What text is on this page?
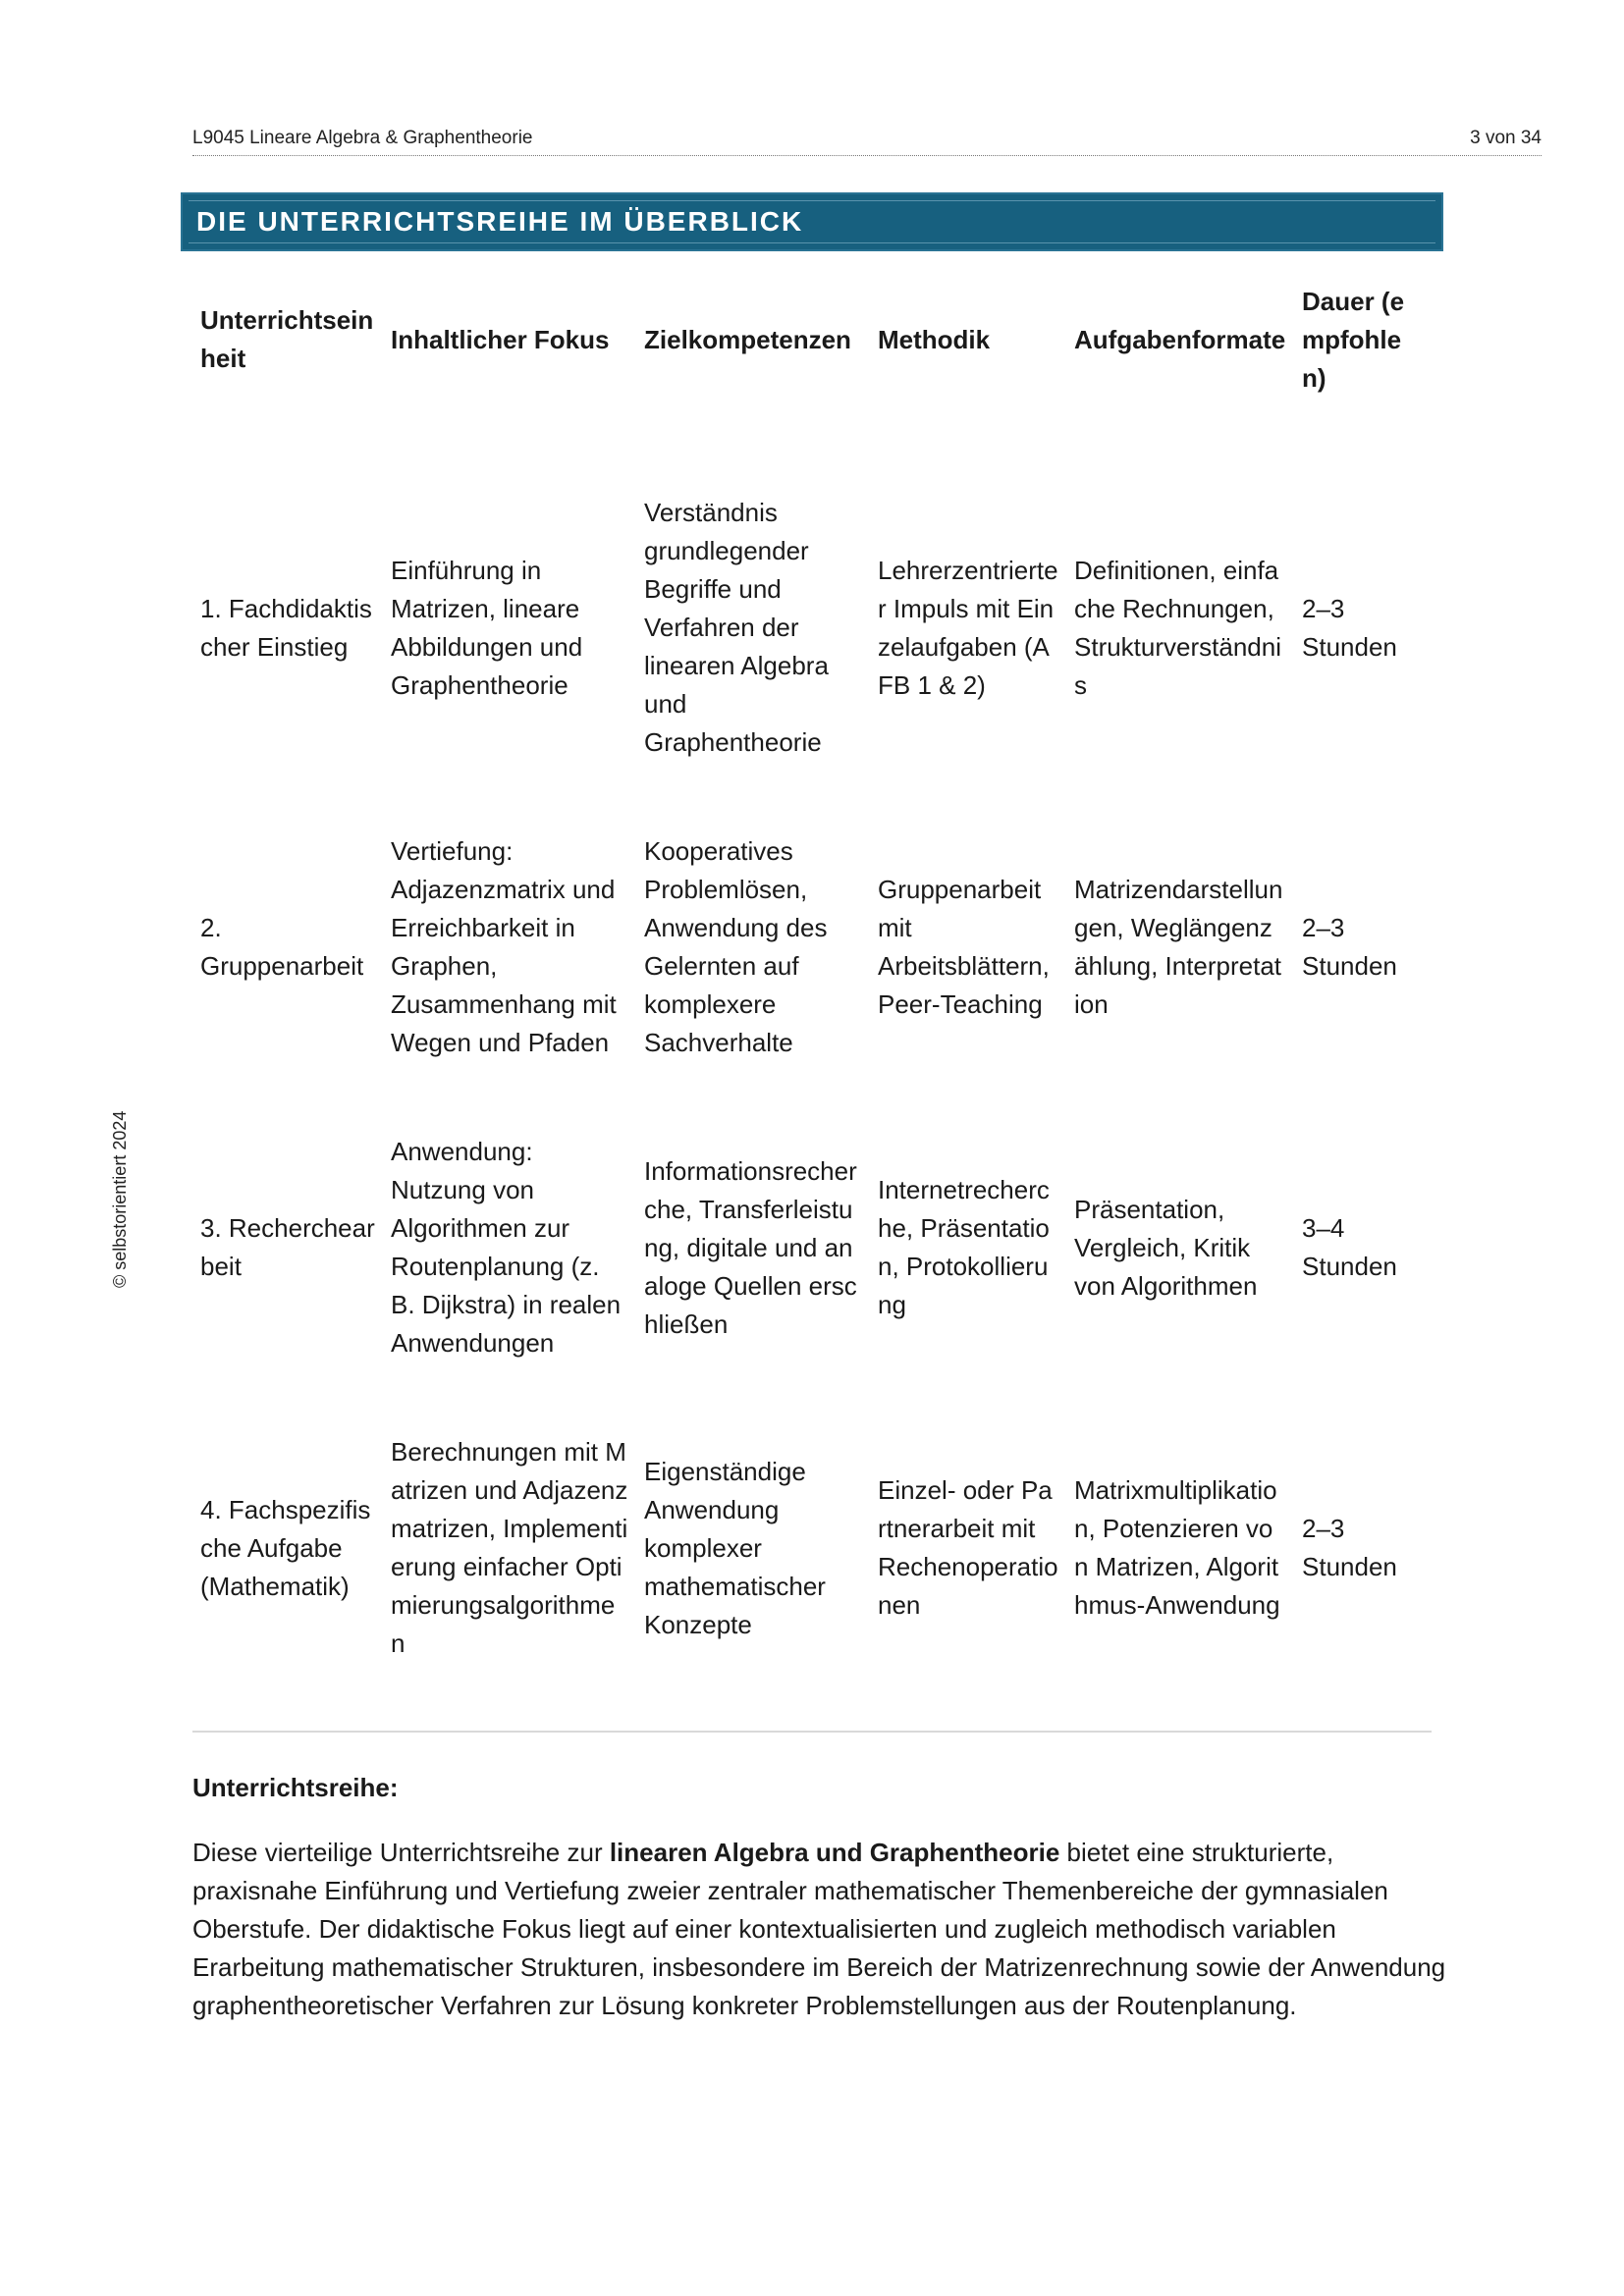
L9045 Lineare Algebra & Graphentheorie	3 von 34
DIE UNTERRICHTSREIHE IM ÜBERBLICK
© selbstorientiert 2024
Unterrichtseinheit	Inhaltlicher Fokus	Zielkompetenzen	Methodik	Aufgabenformate	Dauer (empfohlen)
1. Fachdidaktischer Einstieg	Einführung in Matrizen, lineare Abbildungen und Graphentheorie	Verständnis grundlegender Begriffe und Verfahren der linearen Algebra und Graphentheorie	Lehrerzentrierter Impuls mit Einzelaufgaben (AFB 1 & 2)	Definitionen, einfache Rechnungen, Strukturverständnis	2–3 Stunden
2. Gruppenarbeit	Vertiefung: Adjazenzmatrix und Erreichbarkeit in Graphen, Zusammenhang mit Wegen und Pfaden	Kooperatives Problemlösen, Anwendung des Gelernten auf komplexere Sachverhalte	Gruppenarbeit mit Arbeitsblättern, Peer-Teaching	Matrizendarstellungen, Weglängenzählung, Interpretation	2–3 Stunden
3. Recherchearbeit	Anwendung: Nutzung von Algorithmen zur Routenplanung (z. B. Dijkstra) in realen Anwendungen	Informationsrecherche, Transferleistung, digitale und analoge Quellen erschließen	Internetrecherche, Präsentation, Protokollierung	Präsentation, Vergleich, Kritik von Algorithmen	3–4 Stunden
4. Fachspezifische Aufgabe (Mathematik)	Berechnungen mit Matrizen und Adjazenzmatrizen, Implementierung einfacher Optimierungsalgorithmen	Eigenständige Anwendung komplexer mathematischer Konzepte	Einzel- oder Partnerarbeit mit Rechenoperationen	Matrixmultiplikation, Potenzieren von Matrizen, Algorithmus-Anwendung	2–3 Stunden
Unterrichtsreihe:

Diese vierteilige Unterrichtsreihe zur linearen Algebra und Graphentheorie bietet eine strukturierte, praxisnahe Einführung und Vertiefung zweier zentraler mathematischer Themenbereiche der gymnasialen Oberstufe. Der didaktische Fokus liegt auf einer kontextualisierten und zugleich methodisch variablen Erarbeitung mathematischer Strukturen, insbesondere im Bereich der Matrizenrechnung sowie der Anwendung graphentheoretischer Verfahren zur Lösung konkreter Problemstellungen aus der Routenplanung.
